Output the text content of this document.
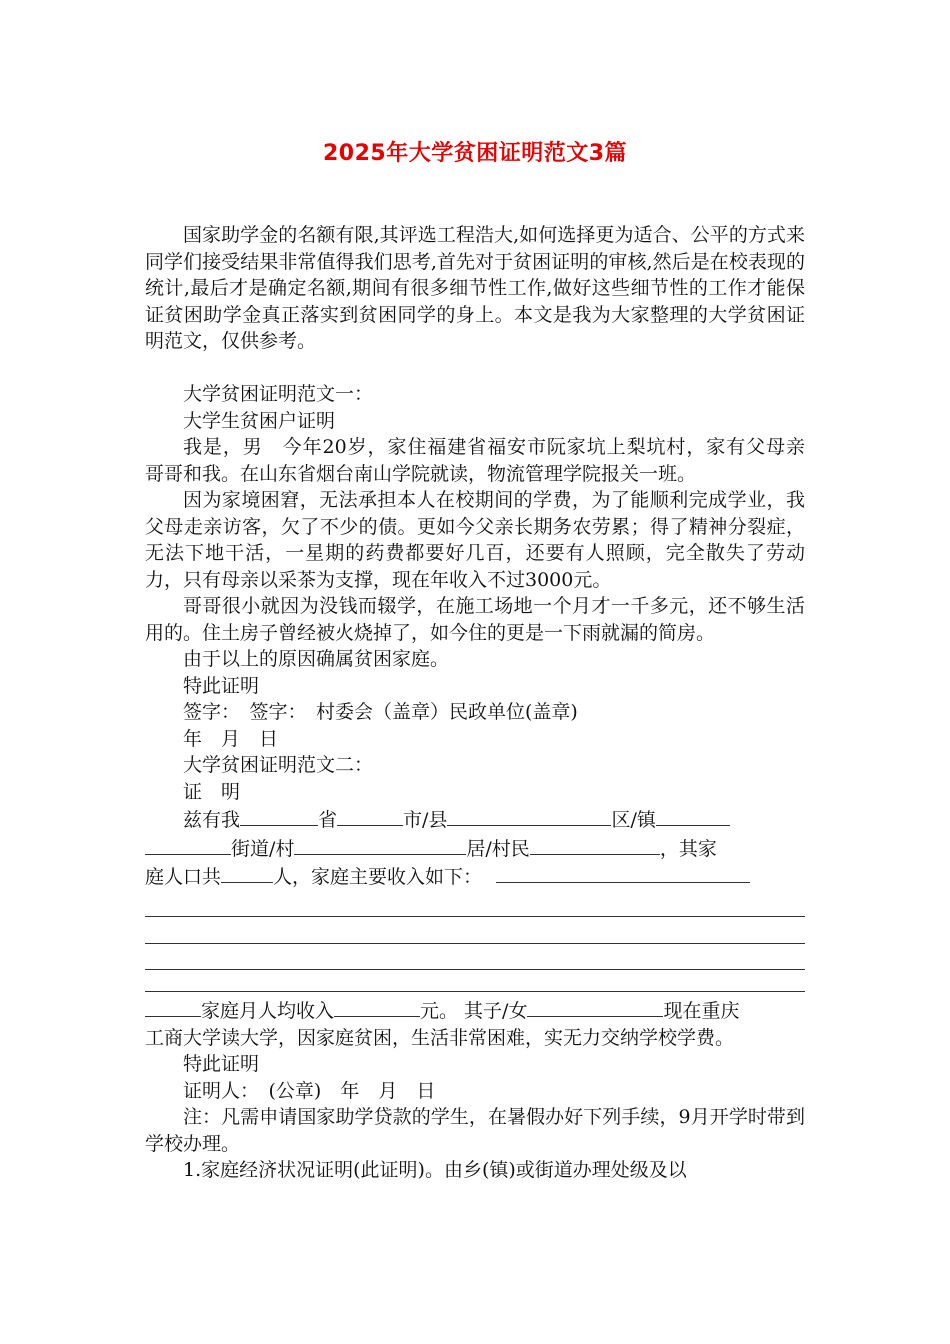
2025年大学贫困证明范文3篇

国家助学金的名额有限,其评选工程浩大,如何选择更为适合、公平的方式来同学们接受结果非常值得我们思考,首先对于贫困证明的审核,然后是在校表现的统计,最后才是确定名额,期间有很多细节性工作,做好这些细节性的工作才能保证贫困助学金真正落实到贫困同学的身上。本文是我为大家整理的大学贫困证明范文，仅供参考。

大学贫困证明范文一：

大学生贫困户证明

我是，男　今年20岁，家住福建省福安市阮家坑上梨坑村，家有父母亲　哥哥和我。在山东省烟台南山学院就读，物流管理学院报关一班。

因为家境困窘，无法承担本人在校期间的学费，为了能顺利完成学业，我父母走亲访客，欠了不少的债。更如今父亲长期务农劳累；得了精神分裂症，无法下地干活，一星期的药费都要好几百，还要有人照顾，完全散失了劳动力，只有母亲以采茶为支撑，现在年收入不过3000元。

哥哥很小就因为没钱而辍学，在施工场地一个月才一千多元，还不够生活用的。住土房子曾经被火烧掉了，如今住的更是一下雨就漏的简房。

由于以上的原因确属贫困家庭。

特此证明

签字：　签字：　村委会（盖章）民政单位(盖章)

年　月　日

大学贫困证明范文二：

证　明

兹有我	省	市/县	区/镇

街道/村	居/村民	，其家

庭人口共	人，家庭主要收入如下：

家庭月人均收入	元。 其子/女	现在重庆

工商大学读大学，因家庭贫困，生活非常困难，实无力交纳学校学费。

特此证明

证明人：　(公章)　年　月　日

注：凡需申请国家助学贷款的学生，在暑假办好下列手续，9月开学时带到学校办理。

1.家庭经济状况证明(此证明)。由乡(镇)或街道办理处级及以
